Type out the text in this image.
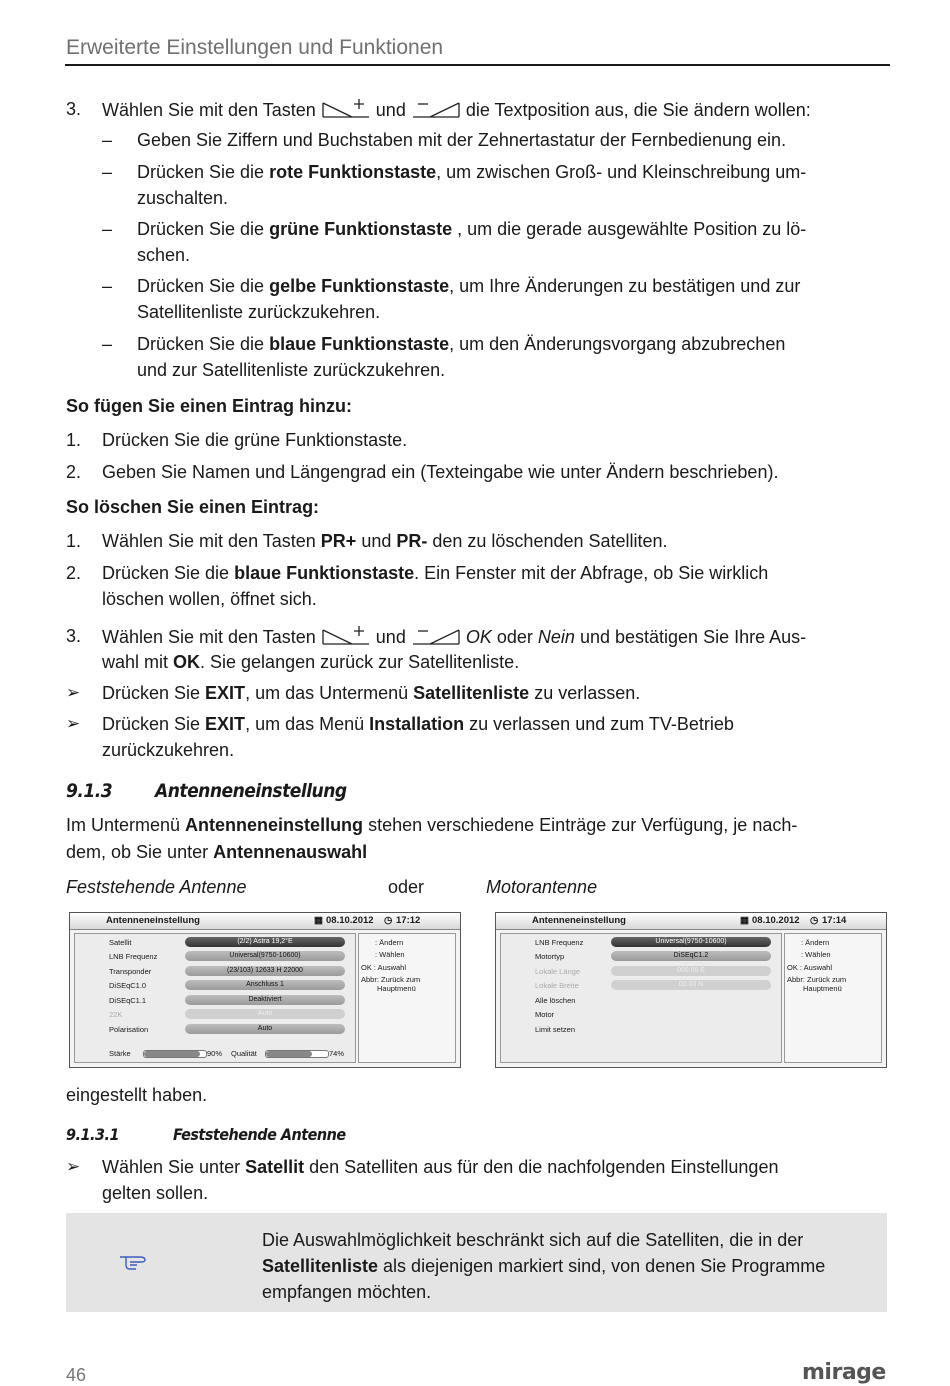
Erweiterte Einstellungen und Funktionen
3. Wählen Sie mit den Tasten	und	die Textposition aus, die Sie ändern wollen:
– Geben Sie Ziffern und Buchstaben mit der Zehnertastatur der Fernbedienung ein.
– Drücken Sie die rote Funktionstaste, um zwischen Groß- und Kleinschreibung um-
zuschalten.
– Drücken Sie die grüne Funktionstaste , um die gerade ausgewählte Position zu lö-
schen.
– Drücken Sie die gelbe Funktionstaste, um Ihre Änderungen zu bestätigen und zur
Satellitenliste zurückzukehren.
– Drücken Sie die blaue Funktionstaste, um den Änderungsvorgang abzubrechen
und zur Satellitenliste zurückzukehren.
So fügen Sie einen Eintrag hinzu:
1. Drücken Sie die grüne Funktionstaste.
2. Geben Sie Namen und Längengrad ein (Texteingabe wie unter Ändern beschrieben).
So löschen Sie einen Eintrag:
1. Wählen Sie mit den Tasten PR+ und PR- den zu löschenden Satelliten.
2. Drücken Sie die blaue Funktionstaste. Ein Fenster mit der Abfrage, ob Sie wirklich
löschen wollen, öffnet sich.
3. Wählen Sie mit den Tasten	und	OK oder Nein und bestätigen Sie Ihre Aus-
wahl mit OK. Sie gelangen zurück zur Satellitenliste.
➢ Drücken Sie EXIT, um das Untermenü Satellitenliste zu verlassen.
➢ Drücken Sie EXIT, um das Menü Installation zu verlassen und zum TV-Betrieb
zurückzukehren.
9.1.3 Antenneneinstellung
Im Untermenü Antenneneinstellung stehen verschiedene Einträge zur Verfügung, je nach-
dem, ob Sie unter Antennenauswahl
Feststehende Antenne	oder	Motorantenne
Antenneneinstellung	▦ 08.10.2012 ◷ 17:12
Satellit	(2/2) Astra 19,2°E
LNB Frequenz	Universal(9750-10600)
Transponder	(23/103) 12633 H 22000
DiSEqC1.0	Anschluss 1
DiSEqC1.1	Deaktiviert
22K	Auto
Polarisation	Auto
Stärke	90% Qualität	74%
: Ändern
: Wählen
OK : Auswahl
Abbr: Zurück zum
Hauptmenü
Antenneneinstellung	▦ 08.10.2012 ◷ 17:14
LNB Frequenz	Universal(9750-10600)
Motortyp	DiSEqC1.2
Lokale Länge	000.00 E
Lokale Breite	00.00 N
Alle löschen
Motor
Limit setzen
: Ändern
: Wählen
OK : Auswahl
Abbr: Zurück zum
Hauptmenü
eingestellt haben.
9.1.3.1	Feststehende Antenne
➢ Wählen Sie unter Satellit den Satelliten aus für den die nachfolgenden Einstellungen
gelten sollen.
Die Auswahlmöglichkeit beschränkt sich auf die Satelliten, die in der
Satellitenliste als diejenigen markiert sind, von denen Sie Programme
empfangen möchten.
46	mirage
